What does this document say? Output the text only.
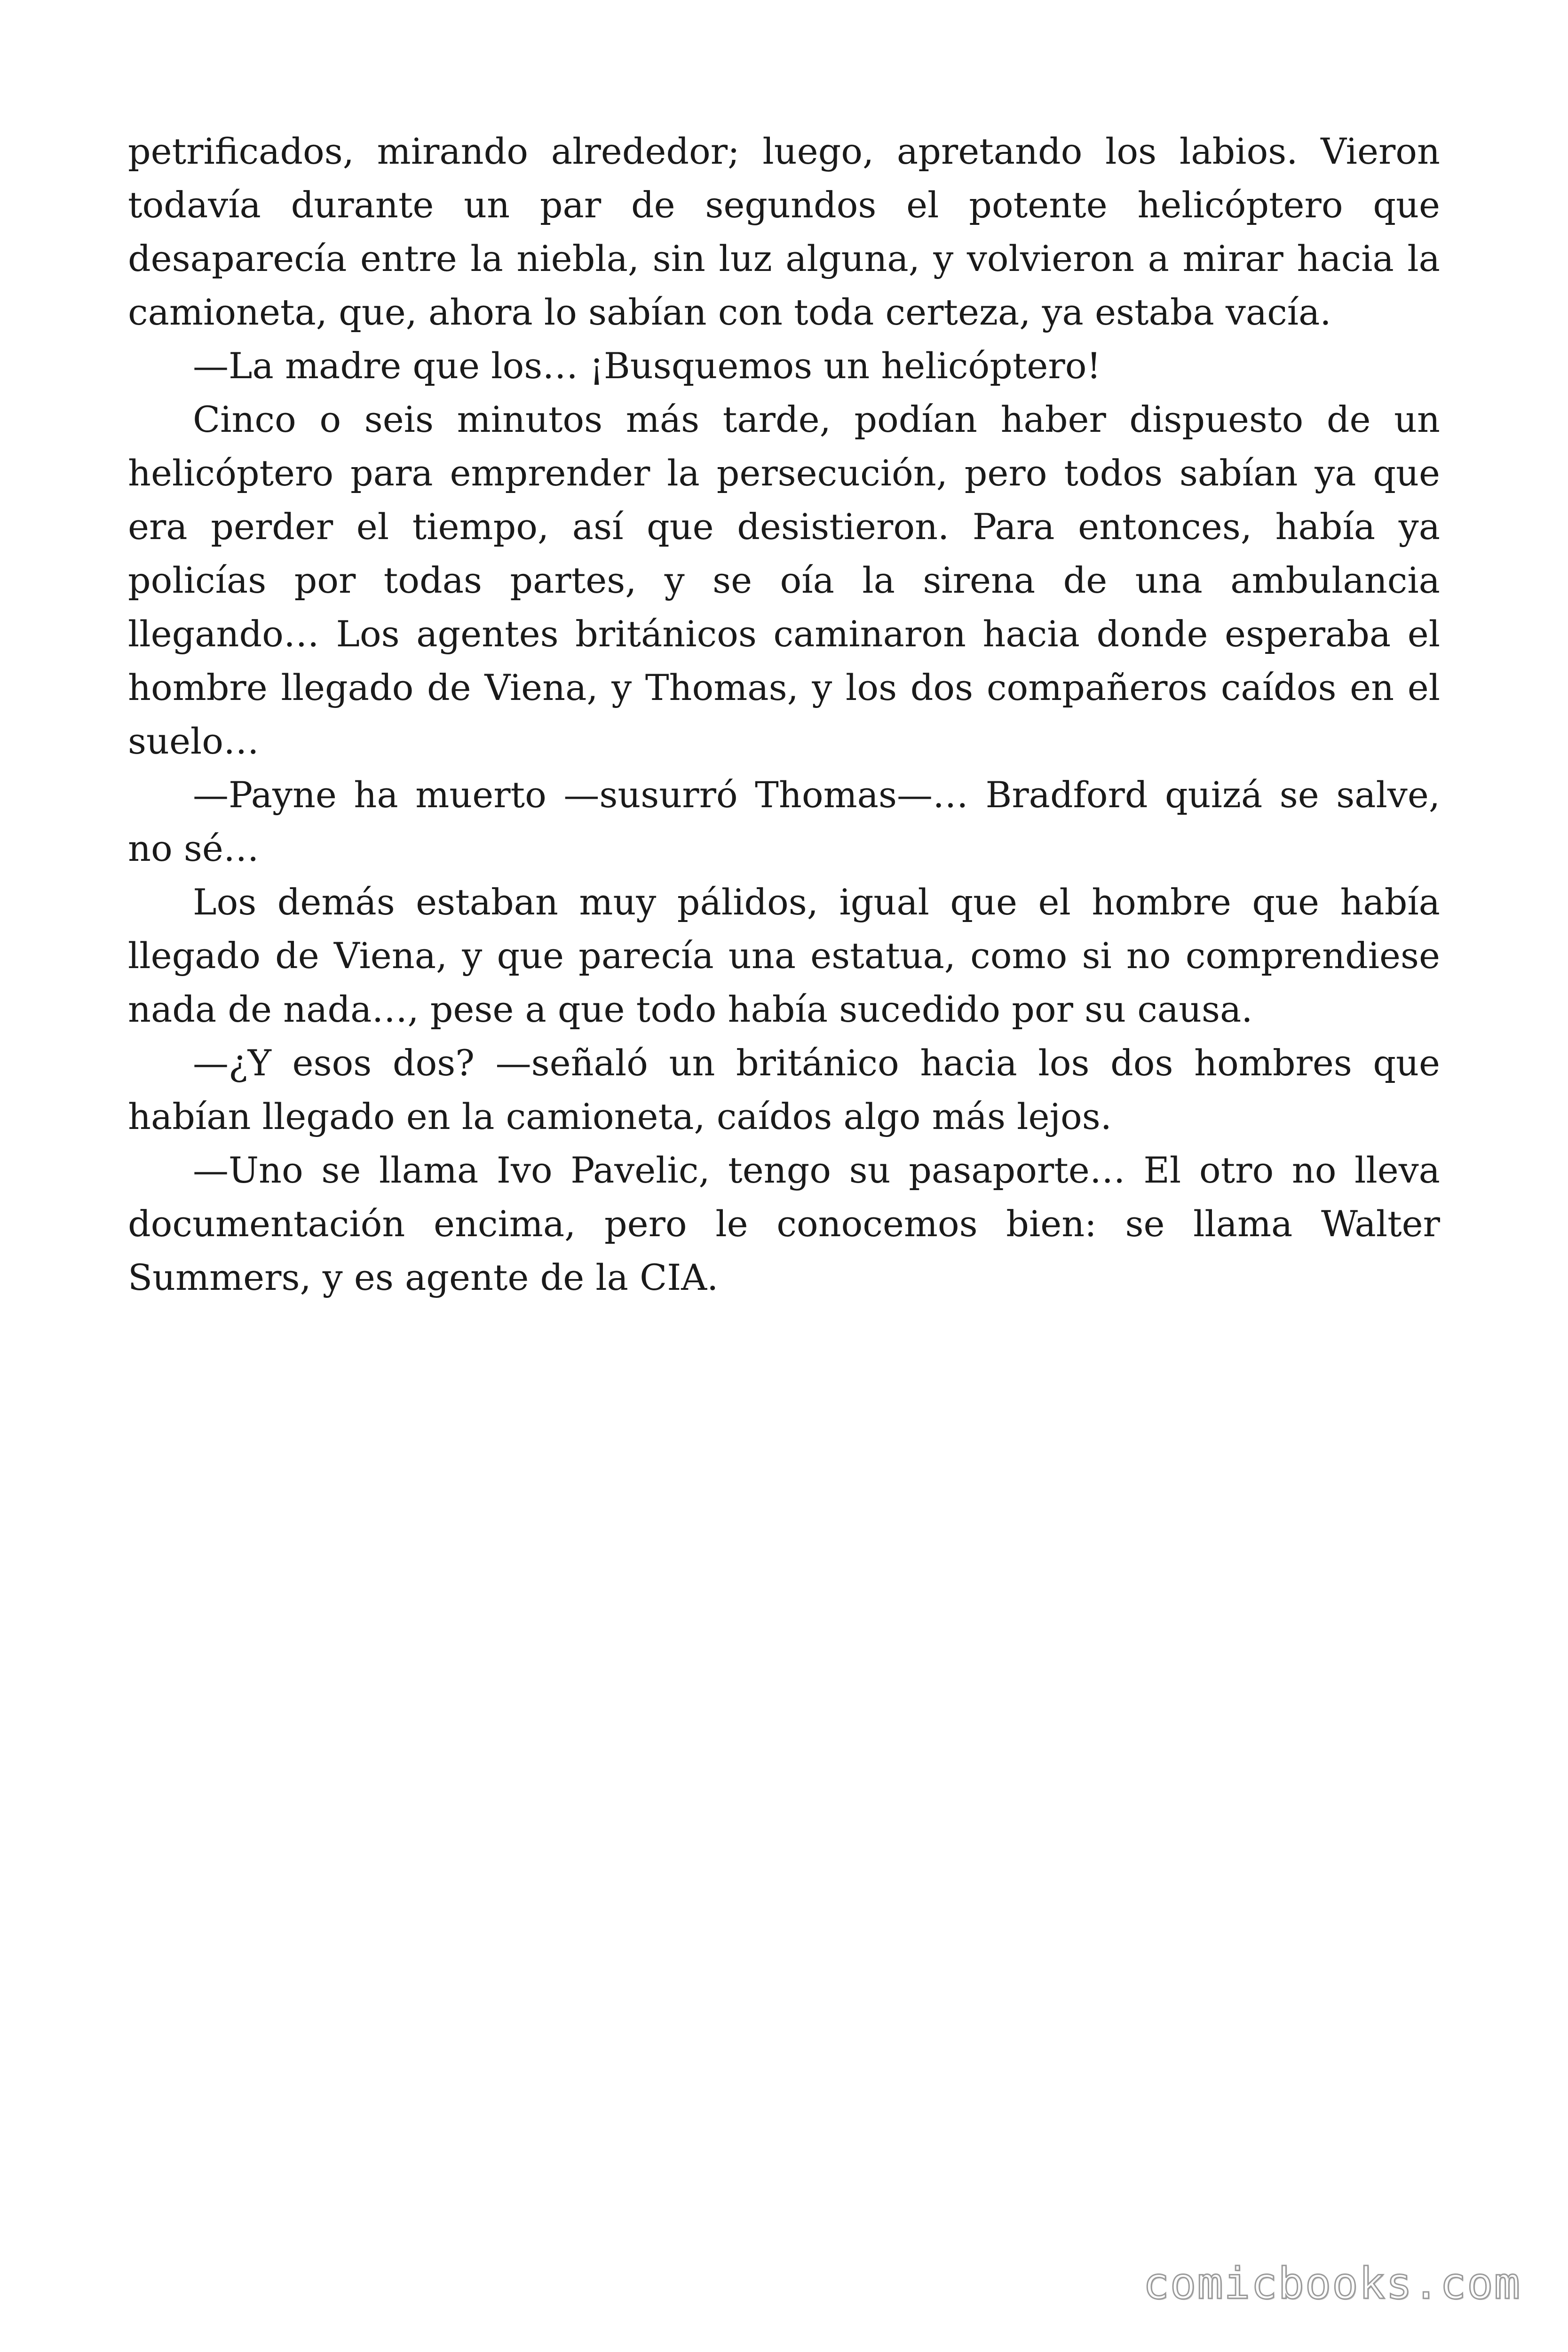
petrificados, mirando alrededor; luego, apretando los labios. Vieron todavía durante un par de segundos el potente helicóptero que desaparecía entre la niebla, sin luz alguna, y volvieron a mirar hacia la camioneta, que, ahora lo sabían con toda certeza, ya estaba vacía.

—La madre que los… ¡Busquemos un helicóptero!

Cinco o seis minutos más tarde, podían haber dispuesto de un helicóptero para emprender la persecución, pero todos sabían ya que era perder el tiempo, así que desistieron. Para entonces, había ya policías por todas partes, y se oía la sirena de una ambulancia llegando… Los agentes británicos caminaron hacia donde esperaba el hombre llegado de Viena, y Thomas, y los dos compañeros caídos en el suelo…

—Payne ha muerto —susurró Thomas—… Bradford quizá se salve, no sé…

Los demás estaban muy pálidos, igual que el hombre que había llegado de Viena, y que parecía una estatua, como si no comprendiese nada de nada…, pese a que todo había sucedido por su causa.

—¿Y esos dos? —señaló un británico hacia los dos hombres que habían llegado en la camioneta, caídos algo más lejos.

—Uno se llama Ivo Pavelic, tengo su pasaporte… El otro no lleva documentación encima, pero le conocemos bien: se llama Walter Summers, y es agente de la CIA.

comicbooks.com
